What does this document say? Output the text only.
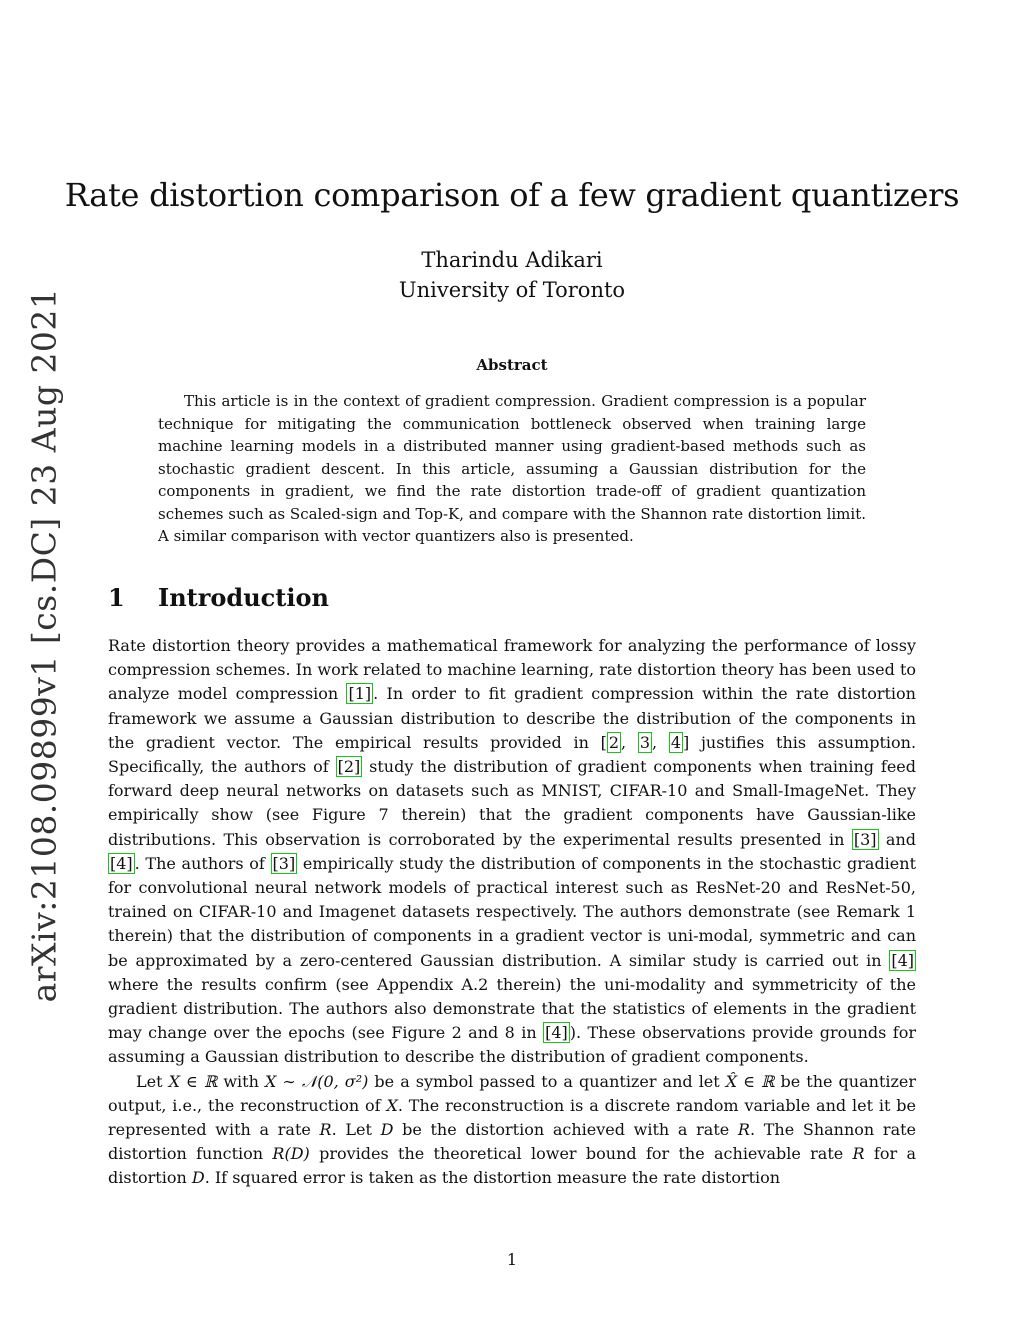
arXiv:2108.09899v1 [cs.DC] 23 Aug 2021
Rate distortion comparison of a few gradient quantizers
Tharindu Adikari
University of Toronto
Abstract

This article is in the context of gradient compression. Gradient compression is a popular technique for mitigating the communication bottleneck observed when training large machine learning models in a distributed manner using gradient-based methods such as stochastic gradient descent. In this article, assuming a Gaussian distribution for the components in gradient, we find the rate distortion trade-off of gradient quantization schemes such as Scaled-sign and Top-K, and compare with the Shannon rate distortion limit. A similar comparison with vector quantizers also is presented.

1 Introduction

Rate distortion theory provides a mathematical framework for analyzing the performance of lossy compression schemes. In work related to machine learning, rate distortion theory has been used to analyze model compression [1] . In order to fit gradient compression within the rate distortion framework we assume a Gaussian distribution to describe the distribution of the components in the gradient vector. The empirical results provided in [ 2 , 3 , 4 ] justifies this assumption. Specifically, the authors of [2] study the distribution of gradient components when training feed forward deep neural networks on datasets such as MNIST, CIFAR-10 and Small-ImageNet. They empirically show (see Figure 7 therein) that the gradient components have Gaussian-like distributions. This observation is corroborated by the experimental results presented in [3] and [4] . The authors of [3] empirically study the distribution of components in the stochastic gradient for convolutional neural network models of practical interest such as ResNet-20 and ResNet-50, trained on CIFAR-10 and Imagenet datasets respectively. The authors demonstrate (see Remark 1 therein) that the distribution of components in a gradient vector is uni-modal, symmetric and can be approximated by a zero-centered Gaussian distribution. A similar study is carried out in [4] where the results confirm (see Appendix A.2 therein) the uni-modality and symmetricity of the gradient distribution. The authors also demonstrate that the statistics of elements in the gradient may change over the epochs (see Figure 2 and 8 in [4] ). These observations provide grounds for assuming a Gaussian distribution to describe the distribution of gradient components.

Let X ∈ ℝ with X ∼ 𝒩(0, σ²) be a symbol passed to a quantizer and let X̂ ∈ ℝ be the quantizer output, i.e., the reconstruction of X. The reconstruction is a discrete random variable and let it be represented with a rate R. Let D be the distortion achieved with a rate R. The Shannon rate distortion function R(D) provides the theoretical lower bound for the achievable rate R for a distortion D. If squared error is taken as the distortion measure the rate distortion

1
